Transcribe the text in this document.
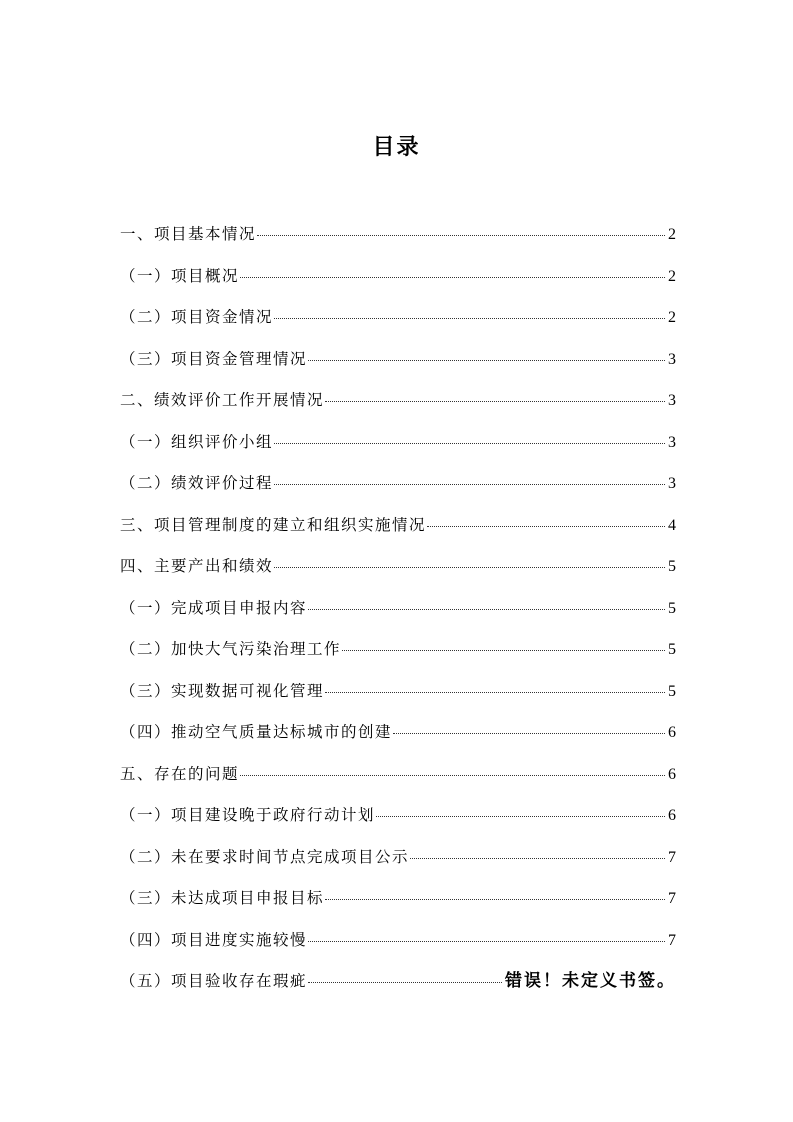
目录
一、项目基本情况	2
（一）项目概况	2
（二）项目资金情况	2
（三）项目资金管理情况	3
二、绩效评价工作开展情况	3
（一）组织评价小组	3
（二）绩效评价过程	3
三、项目管理制度的建立和组织实施情况	4
四、主要产出和绩效	5
（一）完成项目申报内容	5
（二）加快大气污染治理工作	5
（三）实现数据可视化管理	5
（四）推动空气质量达标城市的创建	6
五、存在的问题	6
（一）项目建设晚于政府行动计划	6
（二）未在要求时间节点完成项目公示	7
（三）未达成项目申报目标	7
（四）项目进度实施较慢	7
（五）项目验收存在瑕疵	错误！未定义书签。
